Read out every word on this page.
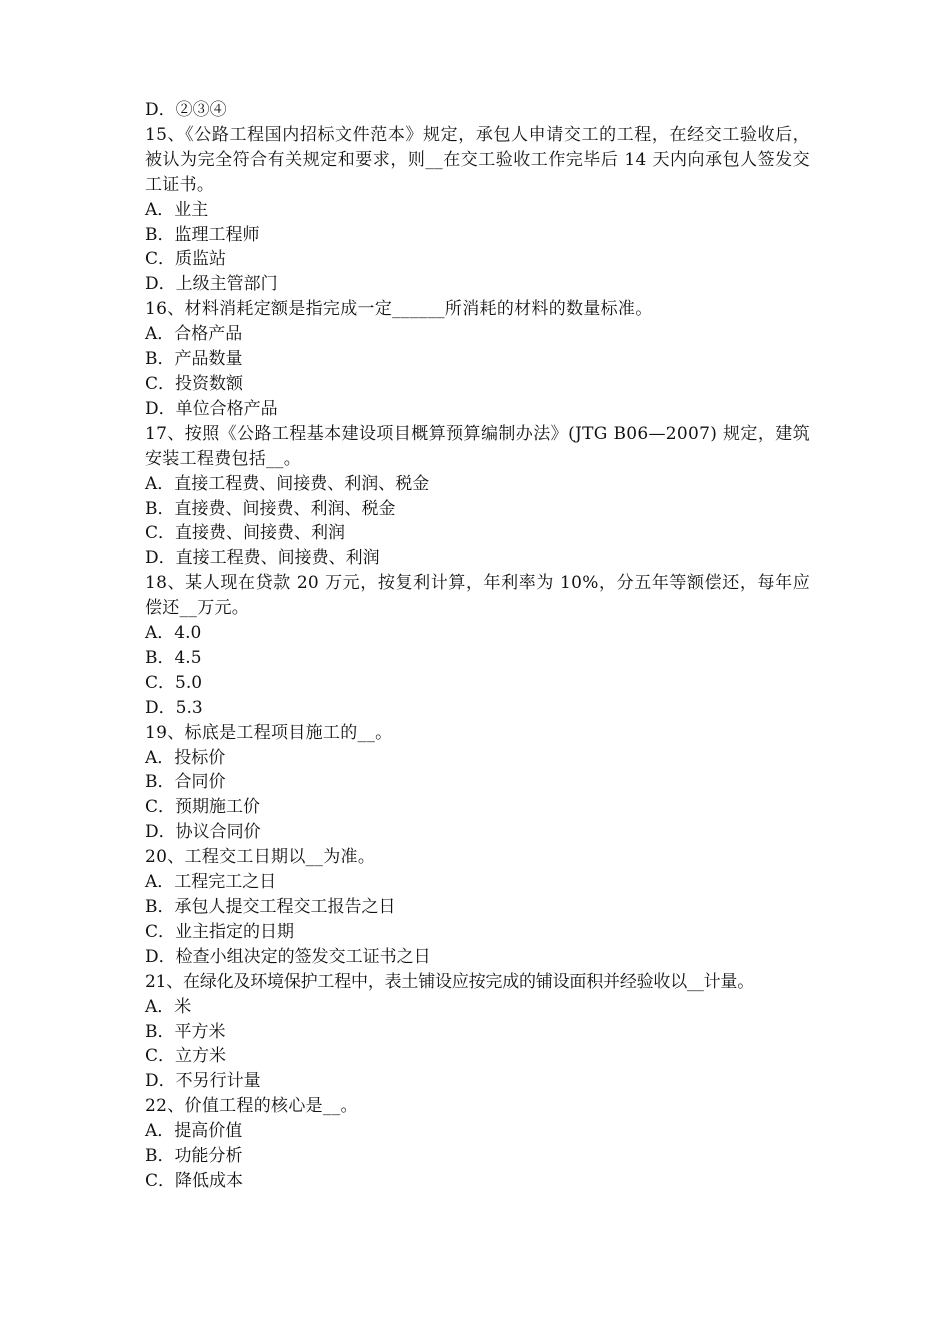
D．②③④
15、《公路工程国内招标文件范本》规定，承包人申请交工的工程，在经交工验收后，被认为完全符合有关规定和要求，则__在交工验收工作完毕后 14 天内向承包人签发交工证书。
A．业主
B．监理工程师
C．质监站
D．上级主管部门
16、材料消耗定额是指完成一定______所消耗的材料的数量标准。
A．合格产品
B．产品数量
C．投资数额
D．单位合格产品
17、按照《公路工程基本建设项目概算预算编制办法》(JTG B06—2007) 规定，建筑安装工程费包括__。
A．直接工程费、间接费、利润、税金
B．直接费、间接费、利润、税金
C．直接费、间接费、利润
D．直接工程费、间接费、利润
18、某人现在贷款 20 万元，按复利计算，年利率为 10%，分五年等额偿还，每年应偿还__万元。
A．4.0
B．4.5
C．5.0
D．5.3
19、标底是工程项目施工的__。
A．投标价
B．合同价
C．预期施工价
D．协议合同价
20、工程交工日期以__为准。
A．工程完工之日
B．承包人提交工程交工报告之日
C．业主指定的日期
D．检查小组决定的签发交工证书之日
21、在绿化及环境保护工程中，表土铺设应按完成的铺设面积并经验收以__计量。
A．米
B．平方米
C．立方米
D．不另行计量
22、价值工程的核心是__。
A．提高价值
B．功能分析
C．降低成本
